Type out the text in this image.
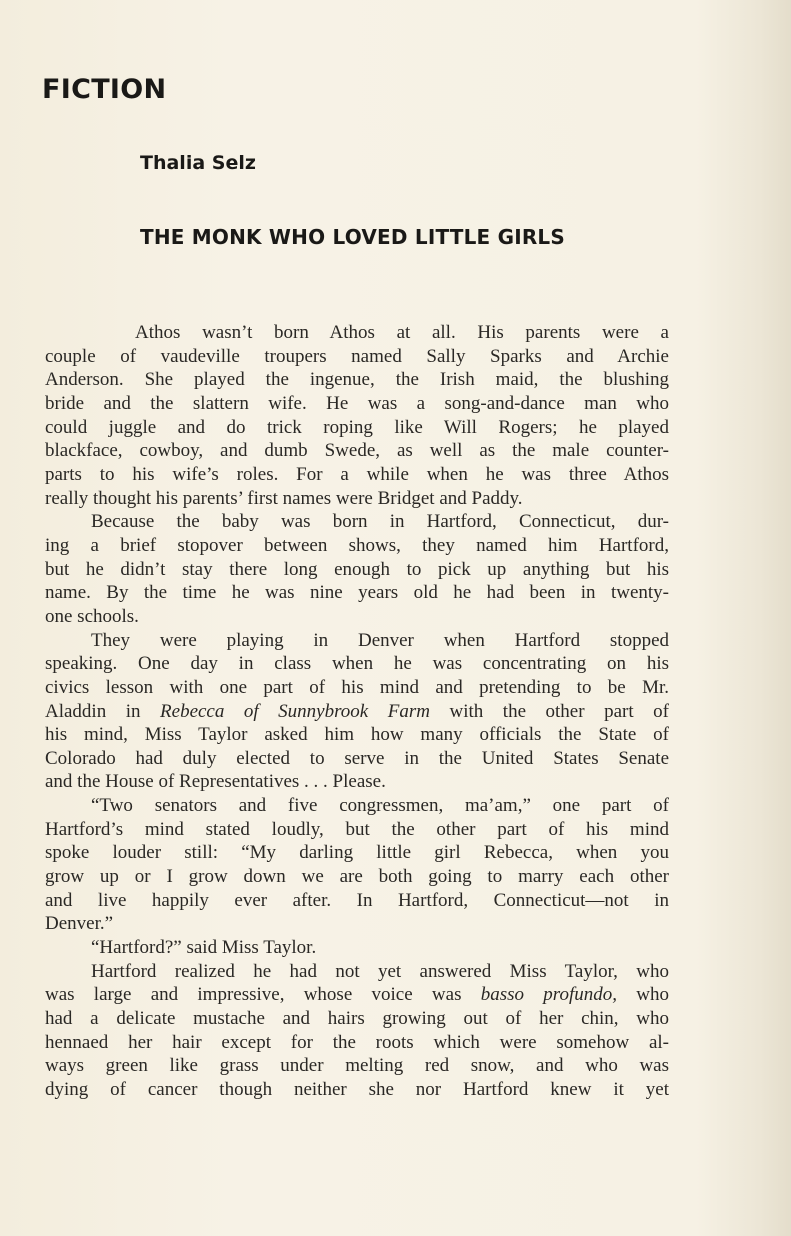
FICTION
Thalia Selz
THE MONK WHO LOVED LITTLE GIRLS
Athos wasn’t born Athos at all. His parents were a
couple of vaudeville troupers named Sally Sparks and Archie
Anderson. She played the ingenue, the Irish maid, the blushing
bride and the slattern wife. He was a song-and-dance man who
could juggle and do trick roping like Will Rogers; he played
blackface, cowboy, and dumb Swede, as well as the male counter-
parts to his wife’s roles. For a while when he was three Athos
really thought his parents’ first names were Bridget and Paddy.
Because the baby was born in Hartford, Connecticut, dur-
ing a brief stopover between shows, they named him Hartford,
but he didn’t stay there long enough to pick up anything but his
name. By the time he was nine years old he had been in twenty-
one schools.
They were playing in Denver when Hartford stopped
speaking. One day in class when he was concentrating on his
civics lesson with one part of his mind and pretending to be Mr.
Aladdin in Rebecca of Sunnybrook Farm with the other part of
his mind, Miss Taylor asked him how many officials the State of
Colorado had duly elected to serve in the United States Senate
and the House of Representatives . . . Please.
“Two senators and five congressmen, ma’am,” one part of
Hartford’s mind stated loudly, but the other part of his mind
spoke louder still: “My darling little girl Rebecca, when you
grow up or I grow down we are both going to marry each other
and live happily ever after. In Hartford, Connecticut—not in
Denver.”
“Hartford?” said Miss Taylor.
Hartford realized he had not yet answered Miss Taylor, who
was large and impressive, whose voice was basso profundo, who
had a delicate mustache and hairs growing out of her chin, who
hennaed her hair except for the roots which were somehow al-
ways green like grass under melting red snow, and who was
dying of cancer though neither she nor Hartford knew it yet
